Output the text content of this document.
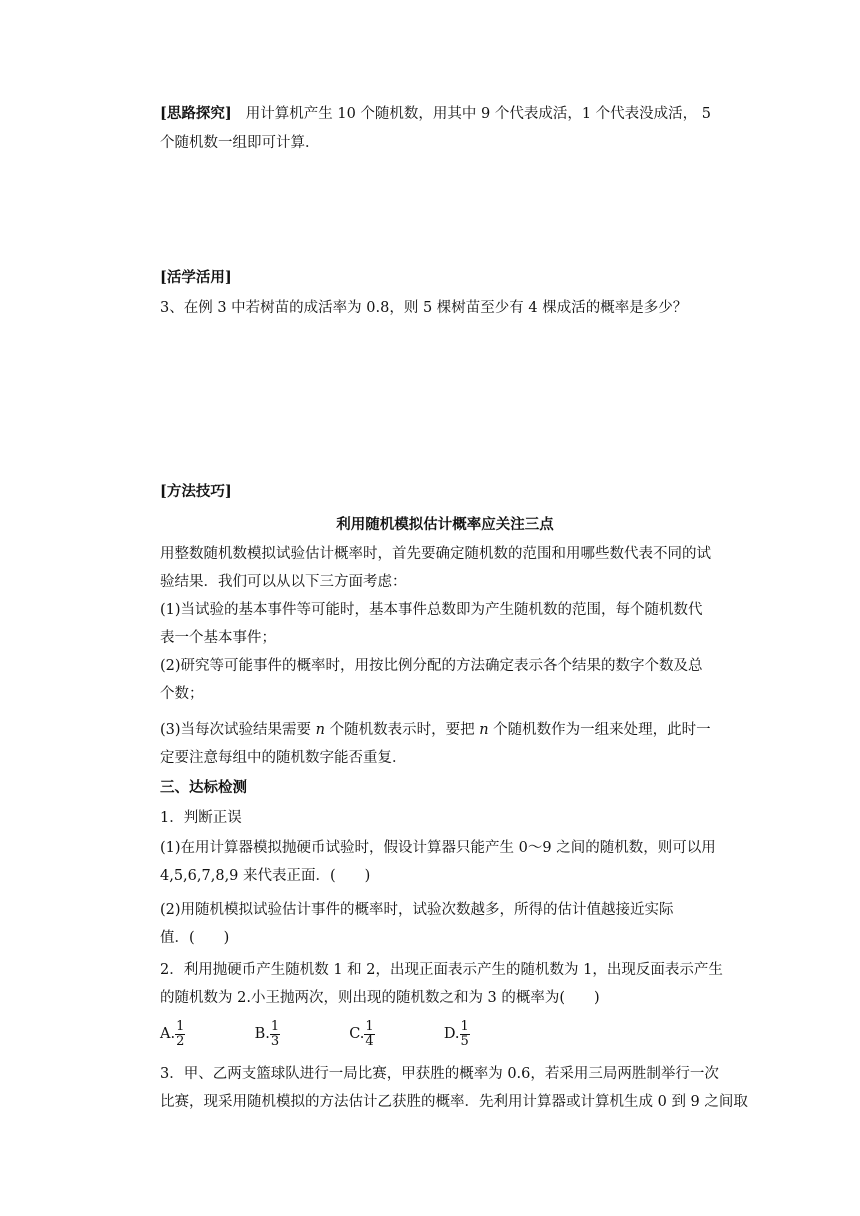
[思路探究] 用计算机产生 10 个随机数，用其中 9 个代表成活，1 个代表没成活， 5
个随机数一组即可计算．
[活学活用]
3、在例 3 中若树苗的成活率为 0.8，则 5 棵树苗至少有 4 棵成活的概率是多少？
[方法技巧]
利用随机模拟估计概率应关注三点
用整数随机数模拟试验估计概率时，首先要确定随机数的范围和用哪些数代表不同的试
验结果．我们可以从以下三方面考虑：
(1)当试验的基本事件等可能时，基本事件总数即为产生随机数的范围，每个随机数代
表一个基本事件；
(2)研究等可能事件的概率时，用按比例分配的方法确定表示各个结果的数字个数及总
个数；
(3)当每次试验结果需要 n 个随机数表示时，要把 n 个随机数作为一组来处理，此时一
定要注意每组中的随机数字能否重复．
三、达标检测
1．判断正误
(1)在用计算器模拟抛硬币试验时，假设计算器只能产生 0～9 之间的随机数，则可以用
4,5,6,7,8,9 来代表正面．(　　)
(2)用随机模拟试验估计事件的概率时，试验次数越多，所得的估计值越接近实际
值．(　　)
2．利用抛硬币产生随机数 1 和 2，出现正面表示产生的随机数为 1，出现反面表示产生
的随机数为 2.小王抛两次，则出现的随机数之和为 3 的概率为(　　)
A. $\frac{1}{2}$	B. $\frac{1}{3}$	C. $\frac{1}{4}$	D. $\frac{1}{5}$
3．甲、乙两支篮球队进行一局比赛，甲获胜的概率为 0.6，若采用三局两胜制举行一次
比赛，现采用随机模拟的方法估计乙获胜的概率．先利用计算器或计算机生成 0 到 9 之间取
